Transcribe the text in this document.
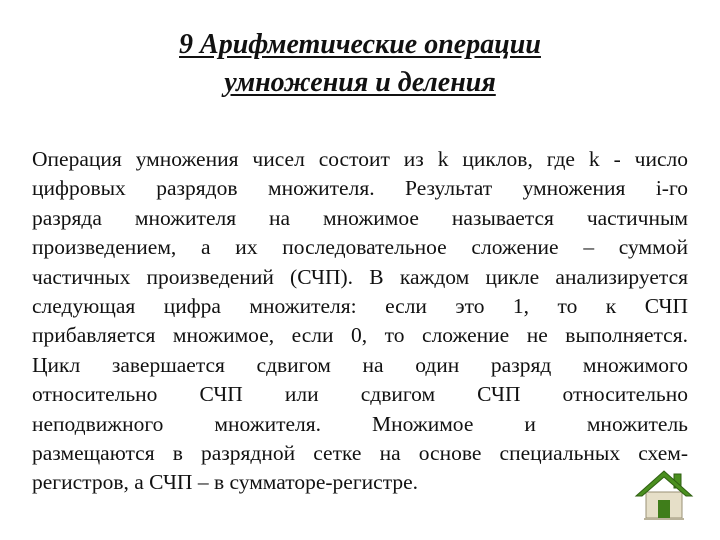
9 Арифметические операции
умножения и деления
Операция умножения чисел состоит из k циклов, где k - число
цифровых разрядов множителя. Результат умножения i-го
разряда множителя на множимое называется частичным
произведением, а их последовательное сложение – суммой
частичных произведений (СЧП). В каждом цикле анализируется
следующая цифра множителя: если это 1, то к СЧП
прибавляется множимое, если 0, то сложение не выполняется.
Цикл завершается сдвигом на один разряд множимого
относительно СЧП или сдвигом СЧП относительно
неподвижного множителя. Множимое и множитель
размещаются в разрядной сетке на основе специальных схем-
регистров, а СЧП – в сумматоре-регистре.
